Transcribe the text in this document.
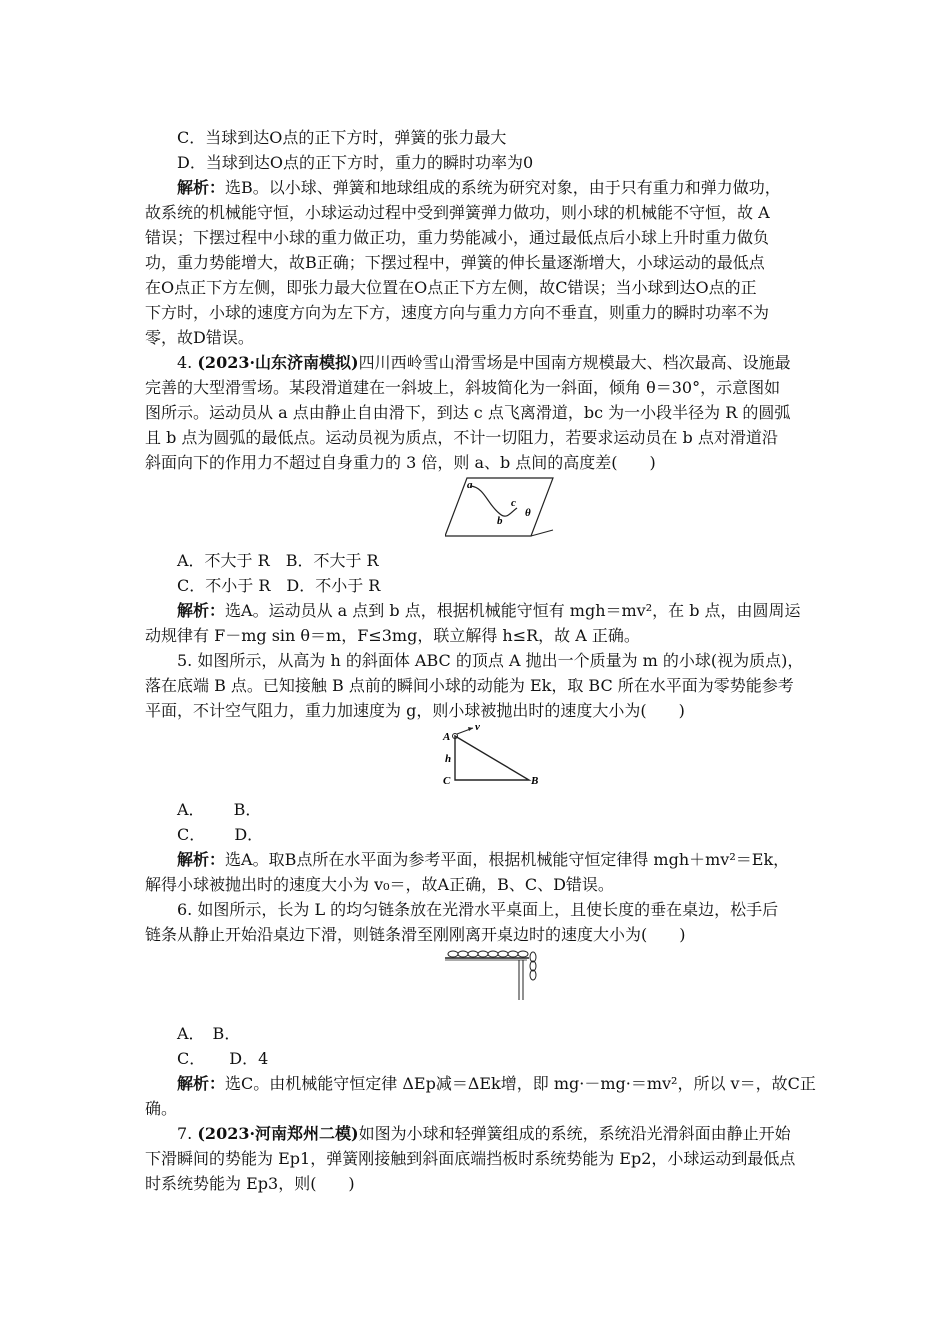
C．当球到达O点的正下方时，弹簧的张力最大
D．当球到达O点的正下方时，重力的瞬时功率为0
解析：选B。以小球、弹簧和地球组成的系统为研究对象，由于只有重力和弹力做功，
故系统的机械能守恒，小球运动过程中受到弹簧弹力做功，则小球的机械能不守恒，故 A
错误；下摆过程中小球的重力做正功，重力势能减小，通过最低点后小球上升时重力做负
功，重力势能增大，故B正确；下摆过程中，弹簧的伸长量逐渐增大，小球运动的最低点
在O点正下方左侧，即张力最大位置在O点正下方左侧，故C错误；当小球到达O点的正
下方时，小球的速度方向为左下方，速度方向与重力方向不垂直，则重力的瞬时功率不为
零，故D错误。
4. (2023·山东济南模拟)四川西岭雪山滑雪场是中国南方规模最大、档次最高、设施最
完善的大型滑雪场。某段滑道建在一斜坡上，斜坡简化为一斜面，倾角 θ＝30°，示意图如
图所示。运动员从 a 点由静止自由滑下，到达 c 点飞离滑道，bc 为一小段半径为 R 的圆弧
且 b 点为圆弧的最低点。运动员视为质点，不计一切阻力，若要求运动员在 b 点对滑道沿
斜面向下的作用力不超过自身重力的 3 倍，则 a、b 点间的高度差(　　)
a
b
c
θ
A．不大于 R　B．不大于 R
C．不小于 R　D．不小于 R
解析：选A。运动员从 a 点到 b 点，根据机械能守恒有 mgh＝mv²，在 b 点，由圆周运
动规律有 F－mg sin θ＝m，F≤3mg，联立解得 h≤R，故 A 正确。
5. 如图所示，从高为 h 的斜面体 ABC 的顶点 A 抛出一个质量为 m 的小球(视为质点)，
落在底端 B 点。已知接触 B 点前的瞬间小球的动能为 Ek，取 BC 所在水平面为零势能参考
平面，不计空气阻力，重力加速度为 g，则小球被抛出时的速度大小为(　　)
A
v
h
C	B
A．　　 B．
C．　　 D．
解析：选A。取B点所在水平面为参考平面，根据机械能守恒定律得 mgh＋mv²＝Ek，
解得小球被抛出时的速度大小为 v₀＝，故A正确，B、C、D错误。
6. 如图所示，长为 L 的均匀链条放在光滑水平桌面上，且使长度的垂在桌边，松手后
链条从静止开始沿桌边下滑，则链条滑至刚刚离开桌边时的速度大小为(　　)
A．　B．
C．　　D．4
解析：选C。由机械能守恒定律 ΔEp减＝ΔEk增，即 mg·－mg·＝mv²，所以 v＝，故C正
确。
7. (2023·河南郑州二模)如图为小球和轻弹簧组成的系统，系统沿光滑斜面由静止开始
下滑瞬间的势能为 Ep1，弹簧刚接触到斜面底端挡板时系统势能为 Ep2，小球运动到最低点
时系统势能为 Ep3，则(　　)
